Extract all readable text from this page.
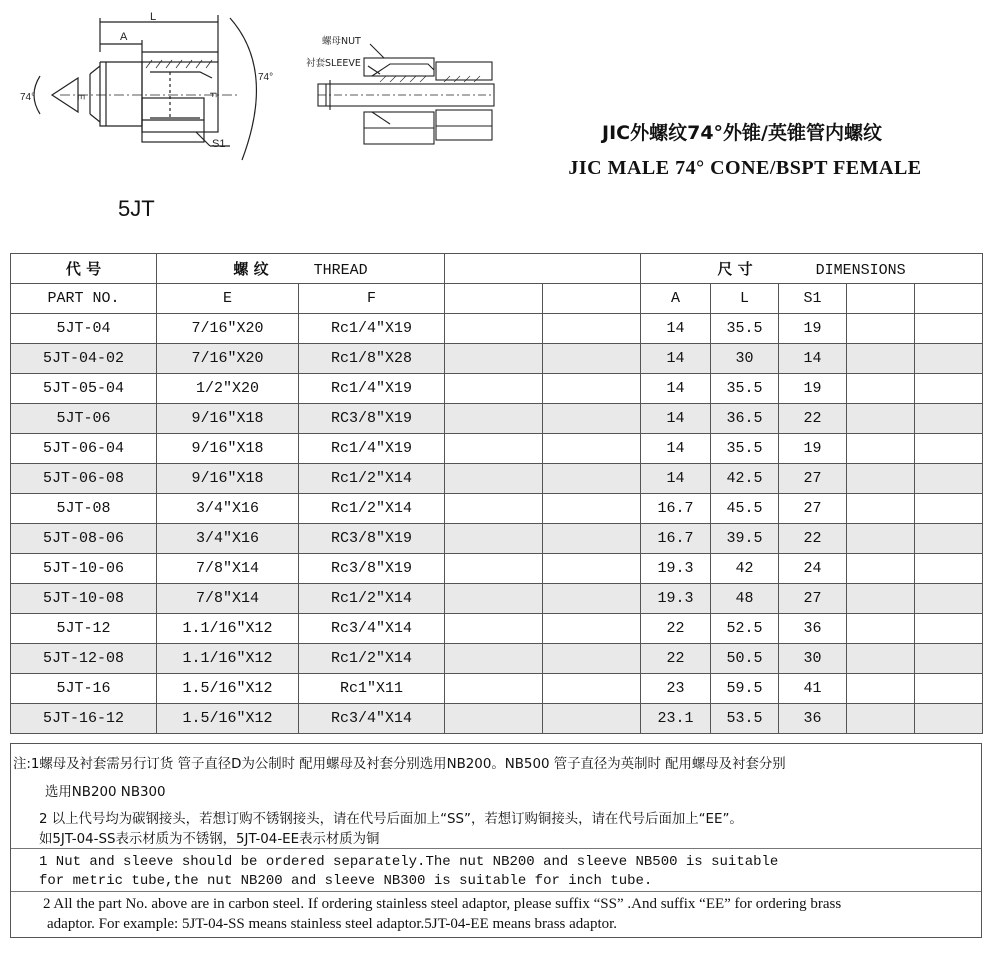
L
A
E	F
S1
74°
74°
螺母NUT
衬套SLEEVE
JIC外螺纹74°外锥/英锥管内螺纹
JIC MALE 74° CONE/BSPT FEMALE
5JT
代 号	螺 纹 THREAD				尺 寸 DIMENSIONS				
PART NO.	E	F			A	L	S1		
5JT-04	7/16″X20	Rc1/4″X19			14	35.5	19		
5JT-04-02	7/16″X20	Rc1/8″X28			14	30	14		
5JT-05-04	1/2″X20	Rc1/4″X19			14	35.5	19		
5JT-06	9/16″X18	RC3/8″X19			14	36.5	22		
5JT-06-04	9/16″X18	Rc1/4″X19			14	35.5	19		
5JT-06-08	9/16″X18	Rc1/2″X14			14	42.5	27		
5JT-08	3/4″X16	Rc1/2″X14			16.7	45.5	27		
5JT-08-06	3/4″X16	RC3/8″X19			16.7	39.5	22		
5JT-10-06	7/8″X14	Rc3/8″X19			19.3	42	24		
5JT-10-08	7/8″X14	Rc1/2″X14			19.3	48	27		
5JT-12	1.1/16″X12	Rc3/4″X14			22	52.5	36		
5JT-12-08	1.1/16″X12	Rc1/2″X14			22	50.5	30		
5JT-16	1.5/16″X12	Rc1″X11			23	59.5	41		
5JT-16-12	1.5/16″X12	Rc3/4″X14			23.1	53.5	36		
注:1螺母及衬套需另行订货 管子直径D为公制时 配用螺母及衬套分别选用NB200。NB500 管子直径为英制时 配用螺母及衬套分别
选用NB200 NB300
2 以上代号均为碳钢接头，若想订购不锈钢接头，请在代号后面加上“SS”，若想订购铜接头，请在代号后面加上“EE”。
如5JT-04-SS表示材质为不锈钢，5JT-04-EE表示材质为铜
1 Nut and sleeve should be ordered separately.The nut NB200 and sleeve NB500 is suitable
for metric tube,the nut NB200 and sleeve NB300 is suitable for inch tube.
2 All the part No. above are in carbon steel. If ordering stainless steel adaptor, please suffix “SS” .And suffix “EE” for ordering brass
adaptor. For example: 5JT-04-SS means stainless steel adaptor.5JT-04-EE means brass adaptor.
